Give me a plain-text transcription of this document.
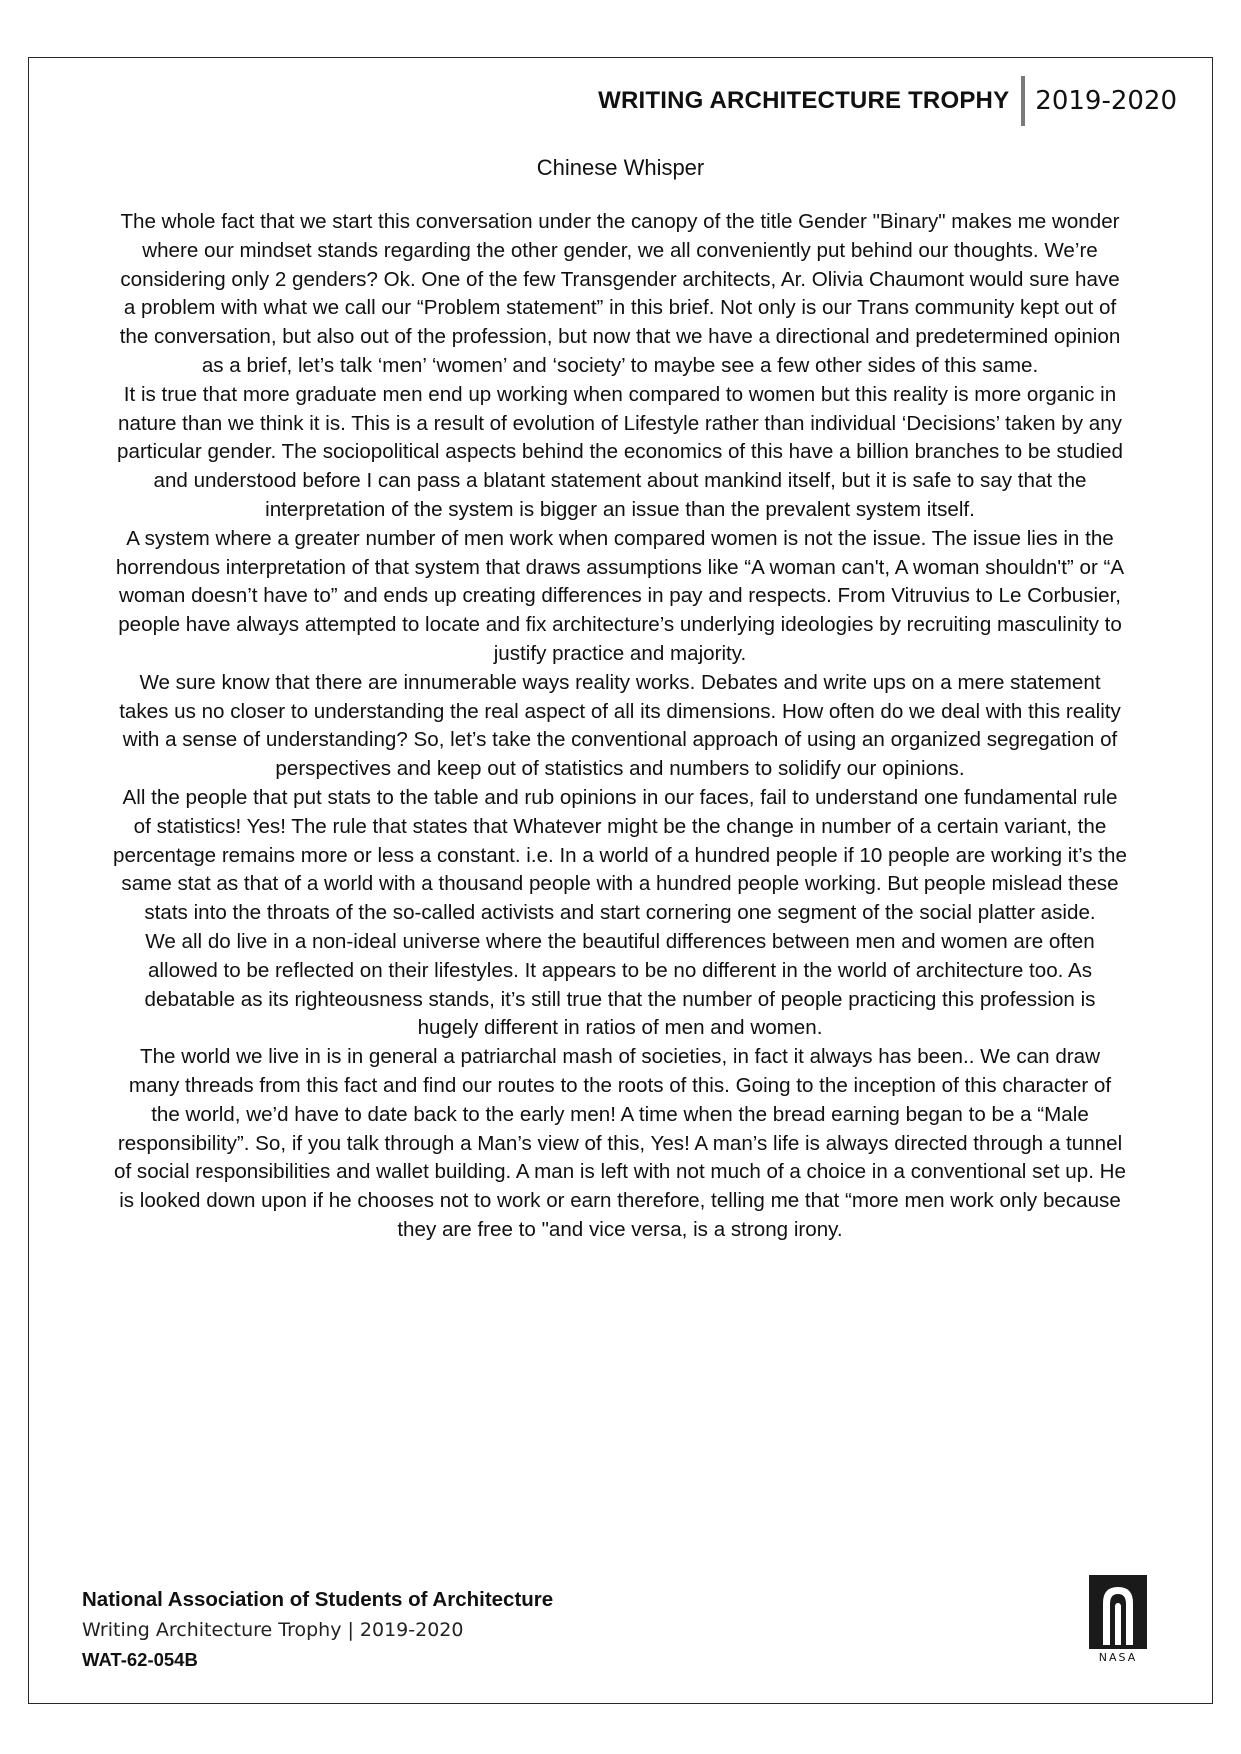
WRITING ARCHITECTURE TROPHY 2019-2020
Chinese Whisper

The whole fact that we start this conversation under the canopy of the title Gender "Binary" makes me wonder where our mindset stands regarding the other gender, we all conveniently put behind our thoughts. We’re considering only 2 genders? Ok. One of the few Transgender architects, Ar. Olivia Chaumont would sure have a problem with what we call our “Problem statement” in this brief. Not only is our Trans community kept out of the conversation, but also out of the profession, but now that we have a directional and predetermined opinion as a brief, let’s talk ‘men’ ‘women’ and ‘society’ to maybe see a few other sides of this same.

It is true that more graduate men end up working when compared to women but this reality is more organic in nature than we think it is. This is a result of evolution of Lifestyle rather than individual ‘Decisions’ taken by any particular gender. The sociopolitical aspects behind the economics of this have a billion branches to be studied and understood before I can pass a blatant statement about mankind itself, but it is safe to say that the interpretation of the system is bigger an issue than the prevalent system itself.

A system where a greater number of men work when compared women is not the issue. The issue lies in the horrendous interpretation of that system that draws assumptions like “A woman can't, A woman shouldn't” or “A woman doesn’t have to” and ends up creating differences in pay and respects. From Vitruvius to Le Corbusier, people have always attempted to locate and fix architecture’s underlying ideologies by recruiting masculinity to justify practice and majority.

We sure know that there are innumerable ways reality works. Debates and write ups on a mere statement takes us no closer to understanding the real aspect of all its dimensions. How often do we deal with this reality with a sense of understanding? So, let’s take the conventional approach of using an organized segregation of perspectives and keep out of statistics and numbers to solidify our opinions.

All the people that put stats to the table and rub opinions in our faces, fail to understand one fundamental rule of statistics! Yes! The rule that states that Whatever might be the change in number of a certain variant, the percentage remains more or less a constant. i.e. In a world of a hundred people if 10 people are working it’s the same stat as that of a world with a thousand people with a hundred people working. But people mislead these stats into the throats of the so-called activists and start cornering one segment of the social platter aside.

We all do live in a non-ideal universe where the beautiful differences between men and women are often allowed to be reflected on their lifestyles. It appears to be no different in the world of architecture too. As debatable as its righteousness stands, it’s still true that the number of people practicing this profession is hugely different in ratios of men and women.

The world we live in is in general a patriarchal mash of societies, in fact it always has been.. We can draw many threads from this fact and find our routes to the roots of this. Going to the inception of this character of the world, we’d have to date back to the early men! A time when the bread earning began to be a “Male responsibility”. So, if you talk through a Man’s view of this, Yes! A man’s life is always directed through a tunnel of social responsibilities and wallet building. A man is left with not much of a choice in a conventional set up. He is looked down upon if he chooses not to work or earn therefore, telling me that “more men work only because they are free to "and vice versa, is a strong irony.

National Association of Students of Architecture
Writing Architecture Trophy | 2019-2020
WAT-62-054B	NASA
